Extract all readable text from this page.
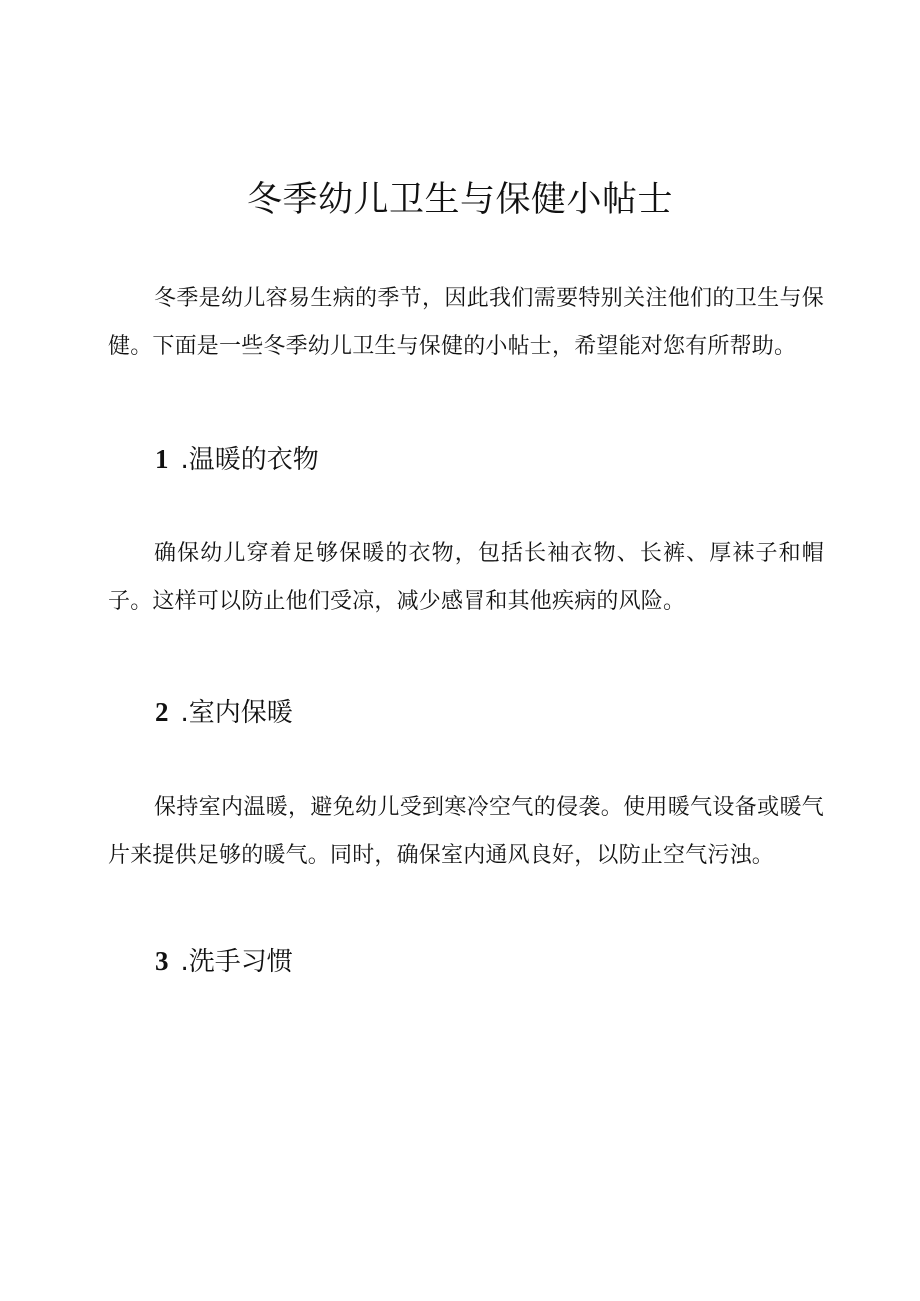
冬季幼儿卫生与保健小帖士

冬季是幼儿容易生病的季节，因此我们需要特别关注他们的卫生与保健。下面是一些冬季幼儿卫生与保健的小帖士，希望能对您有所帮助。

1 .温暖的衣物

确保幼儿穿着足够保暖的衣物，包括长袖衣物、长裤、厚袜子和帽子。这样可以防止他们受凉，减少感冒和其他疾病的风险。

2 .室内保暖

保持室内温暖，避免幼儿受到寒冷空气的侵袭。使用暖气设备或暖气片来提供足够的暖气。同时，确保室内通风良好，以防止空气污浊。

3 .洗手习惯
